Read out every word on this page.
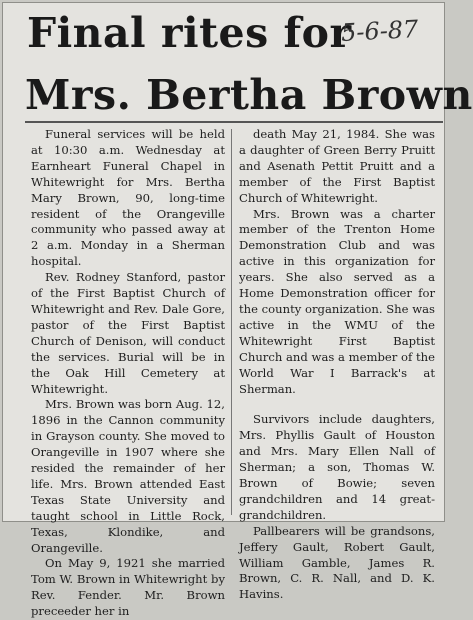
Final rites for
Mrs. Bertha Brown
5-6-87

Funeral services will be held at 10:30 a.m. Wednesday at Earnheart Funeral Chapel in Whitewright for Mrs. Bertha Mary Brown, 90, long-time resident of the Orangeville community who passed away at 2 a.m. Monday in a Sherman hospital.

Rev. Rodney Stanford, pastor of the First Baptist Church of Whitewright and Rev. Dale Gore, pastor of the First Baptist Church of Denison, will conduct the services. Burial will be in the Oak Hill Cemetery at Whitewright.

Mrs. Brown was born Aug. 12, 1896 in the Cannon community in Grayson county. She moved to Orangeville in 1907 where she resided the remainder of her life. Mrs. Brown attended East Texas State University and taught school in Little Rock, Texas, Klondike, and Orangeville.

On May 9, 1921 she married Tom W. Brown in Whitewright by Rev. Fender. Mr. Brown preceeder her in

death May 21, 1984. She was a daughter of Green Berry Pruitt and Asenath Pettit Pruitt and a member of the First Baptist Church of Whitewright.

Mrs. Brown was a charter member of the Trenton Home Demonstration Club and was active in this organization for years. She also served as a Home Demonstration officer for the county organization. She was active in the WMU of the Whitewright First Baptist Church and was a member of the World War I Barrack's at Sherman.

Survivors include daughters, Mrs. Phyllis Gault of Houston and Mrs. Mary Ellen Nall of Sherman; a son, Thomas W. Brown of Bowie; seven grandchildren and 14 great-grandchildren.

Pallbearers will be grandsons, Jeffery Gault, Robert Gault, William Gamble, James R. Brown, C. R. Nall, and D. K. Havins.
